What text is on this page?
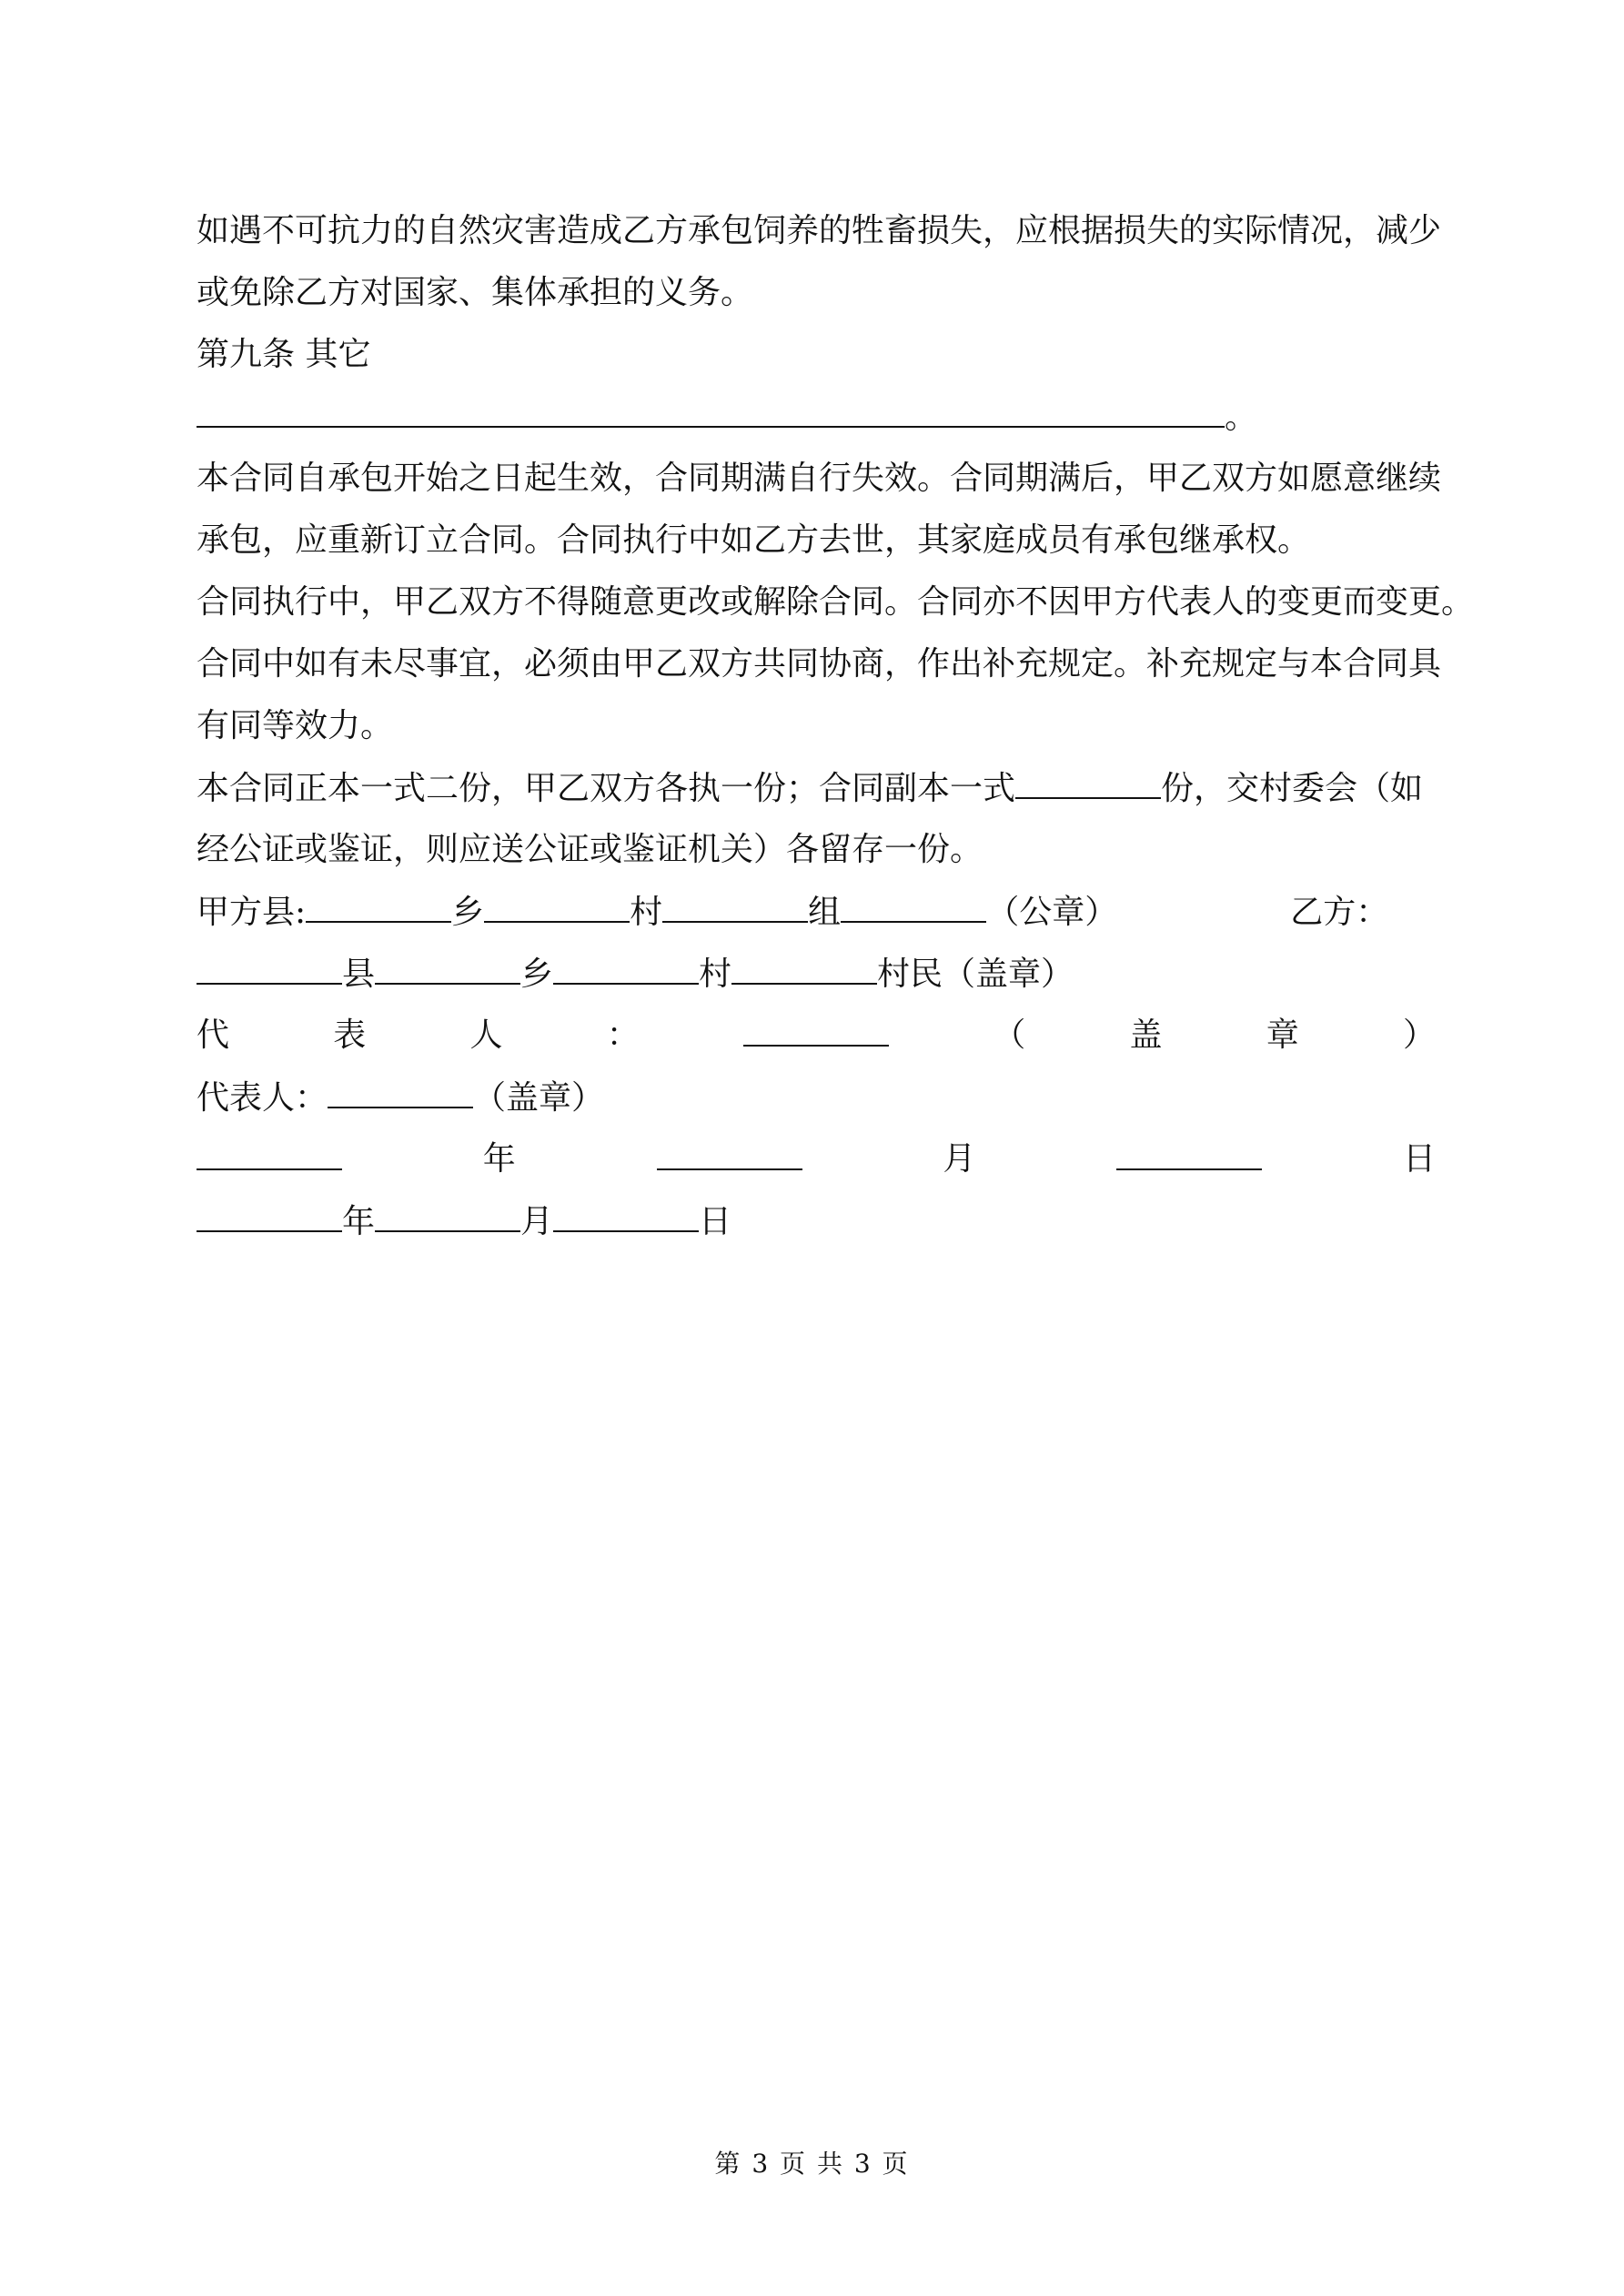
如遇不可抗力的自然灾害造成乙方承包饲养的牲畜损失，应根据损失的实际情况，减少
或免除乙方对国家、集体承担的义务。
第九条 其它
。
本合同自承包开始之日起生效，合同期满自行失效。合同期满后，甲乙双方如愿意继续
承包，应重新订立合同。合同执行中如乙方去世，其家庭成员有承包继承权。
合同执行中，甲乙双方不得随意更改或解除合同。合同亦不因甲方代表人的变更而变更。
合同中如有未尽事宜，必须由甲乙双方共同协商，作出补充规定。补充规定与本合同具
有同等效力。
本合同正本一式二份，甲乙双方各执一份；合同副本一式	份，交村委会（如
经公证或鉴证，则应送公证或鉴证机关）各留存一份。
甲方县:	乡	村	组	（公章）	乙方：
县	乡	村	村民（盖章）
代	表	人	：	（	盖	章	）
代表人：	（盖章）
年	月	日
年	月	日
第 3 页 共 3 页
